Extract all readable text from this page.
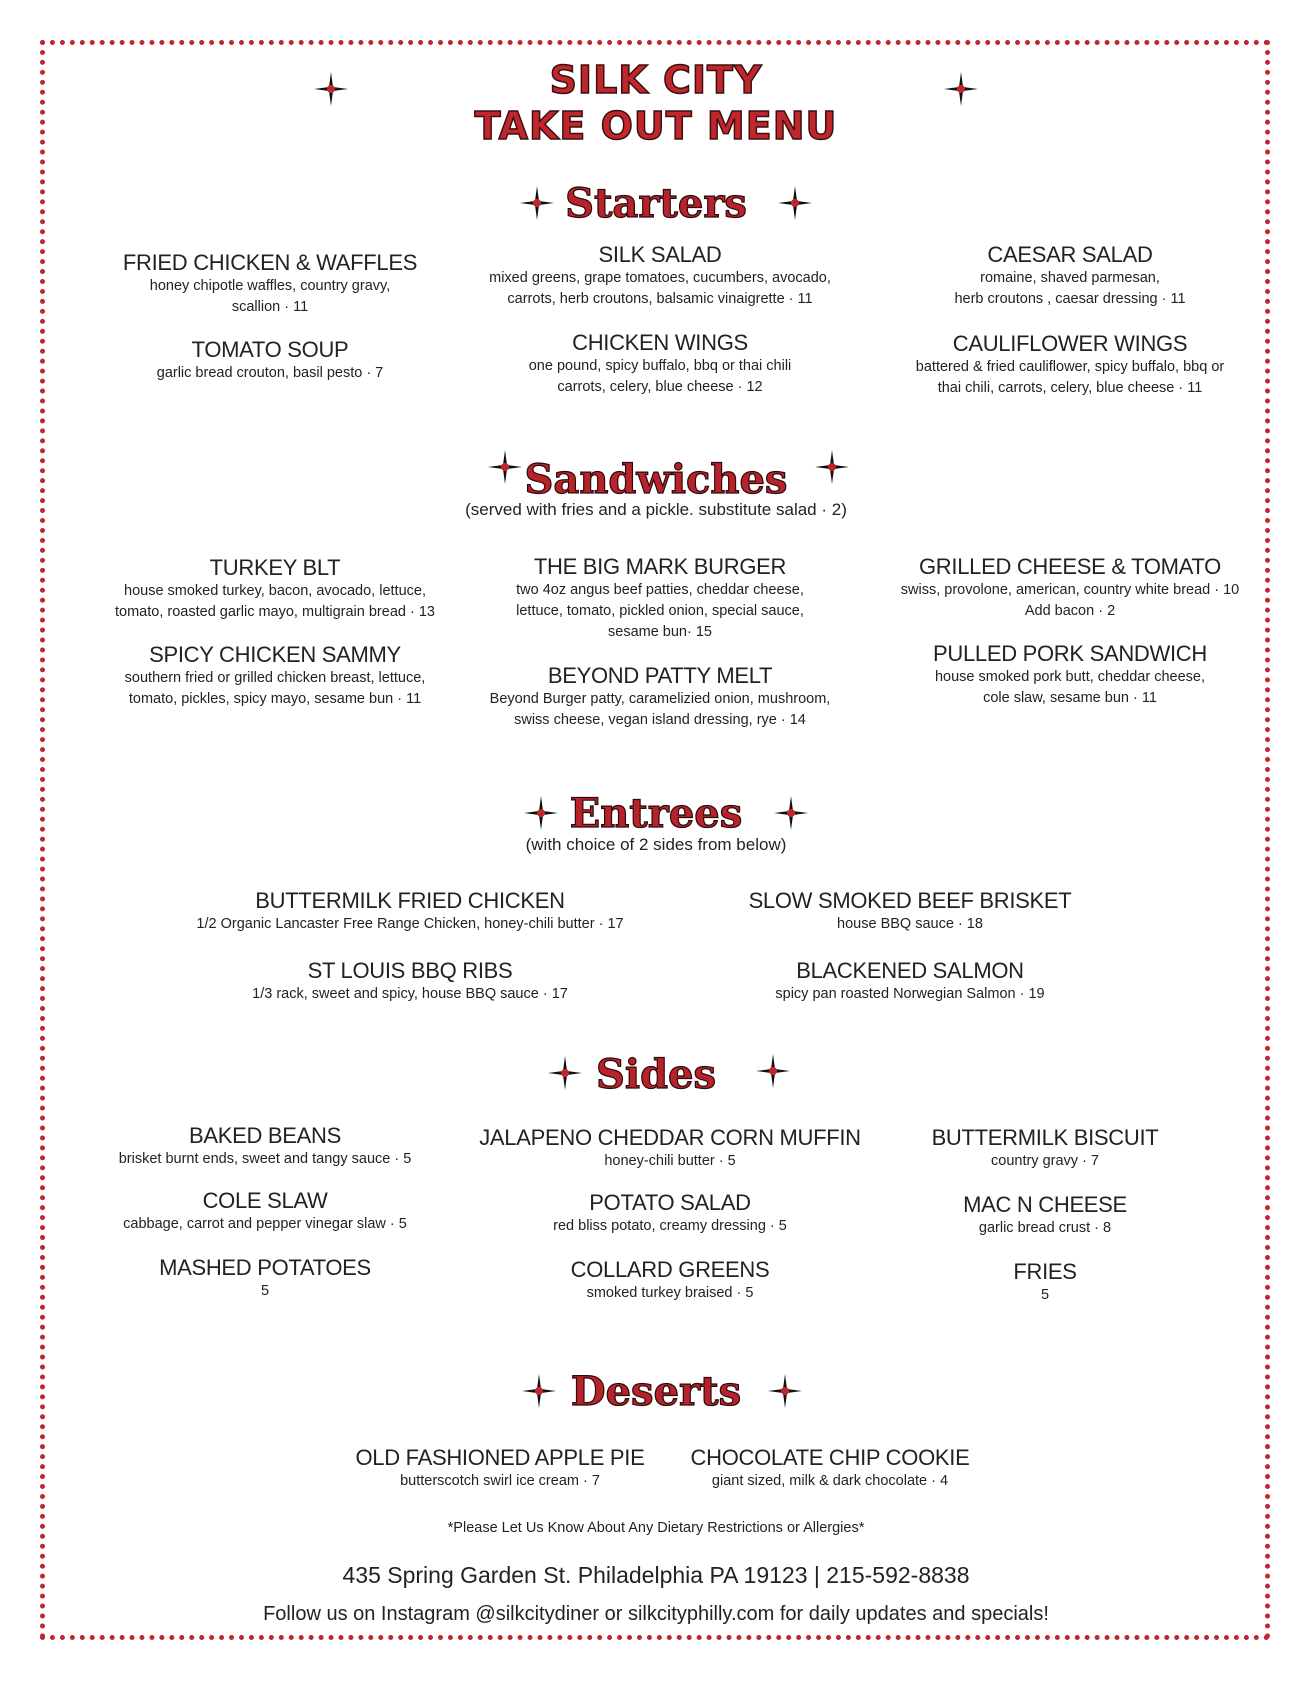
SILK CITY
TAKE OUT MENU
Starters
FRIED CHICKEN & WAFFLES
honey chipotle waffles, country gravy,
scallion · 11
TOMATO SOUP
garlic bread crouton, basil pesto · 7
SILK SALAD
mixed greens, grape tomatoes, cucumbers, avocado,
carrots, herb croutons, balsamic vinaigrette · 11
CHICKEN WINGS
one pound, spicy buffalo, bbq or thai chili
carrots, celery, blue cheese · 12
CAESAR SALAD
romaine, shaved parmesan,
herb croutons , caesar dressing · 11
CAULIFLOWER WINGS
battered & fried cauliflower, spicy buffalo, bbq or
thai chili, carrots, celery, blue cheese · 11
Sandwiches
(served with fries and a pickle. substitute salad · 2)
TURKEY BLT
house smoked turkey, bacon, avocado, lettuce,
tomato, roasted garlic mayo, multigrain bread · 13
SPICY CHICKEN SAMMY
southern fried or grilled chicken breast, lettuce,
tomato, pickles, spicy mayo, sesame bun · 11
THE BIG MARK BURGER
two 4oz angus beef patties, cheddar cheese,
lettuce, tomato, pickled onion, special sauce,
sesame bun· 15
BEYOND PATTY MELT
Beyond Burger patty, caramelizied onion, mushroom,
swiss cheese, vegan island dressing, rye · 14
GRILLED CHEESE & TOMATO
swiss, provolone, american, country white bread · 10
Add bacon · 2
PULLED PORK SANDWICH
house smoked pork butt, cheddar cheese,
cole slaw, sesame bun · 11
Entrees
(with choice of 2 sides from below)
BUTTERMILK FRIED CHICKEN
1/2 Organic Lancaster Free Range Chicken, honey-chili butter · 17
ST LOUIS BBQ RIBS
1/3 rack, sweet and spicy, house BBQ sauce · 17
SLOW SMOKED BEEF BRISKET
house BBQ sauce · 18
BLACKENED SALMON
spicy pan roasted Norwegian Salmon · 19
Sides
BAKED BEANS
brisket burnt ends, sweet and tangy sauce · 5
COLE SLAW
cabbage, carrot and pepper vinegar slaw · 5
MASHED POTATOES
5
JALAPENO CHEDDAR CORN MUFFIN
honey-chili butter · 5
POTATO SALAD
red bliss potato, creamy dressing · 5
COLLARD GREENS
smoked turkey braised · 5
BUTTERMILK BISCUIT
country gravy · 7
MAC N CHEESE
garlic bread crust · 8
FRIES
5
Deserts
OLD FASHIONED APPLE PIE
butterscotch swirl ice cream · 7
CHOCOLATE CHIP COOKIE
giant sized, milk & dark chocolate · 4
*Please Let Us Know About Any Dietary Restrictions or Allergies*
435 Spring Garden St. Philadelphia PA 19123 | 215-592-8838
Follow us on Instagram @silkcitydiner or silkcityphilly.com for daily updates and specials!
